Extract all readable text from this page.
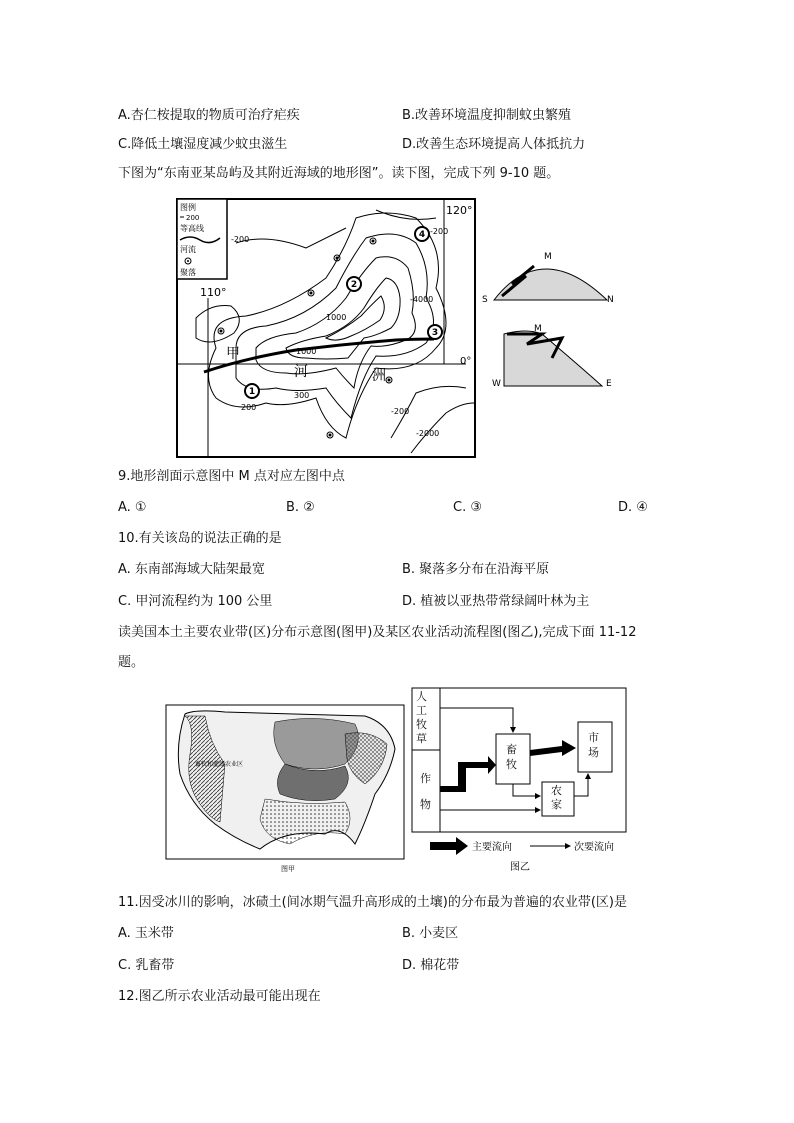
A.杏仁桉提取的物质可治疗疟疾	B.改善环境温度抑制蚊虫繁殖
C.降低土壤湿度减少蚊虫滋生	D.改善生态环境提高人体抵抗力
下图为“东南亚某岛屿及其附近海域的地形图”。读下图，完成下列 9-10 题。
图例
200
等高线
河流
聚落
120°
110°
0°
-200
-200
-4000
1000
1000
300
200	-200
-2000
甲
河	洲
1
2
3
4
M
S	N
M
W	E
9.地形剖面示意图中 M 点对应左图中点
A. ①	B. ②	C. ③	D. ④
10.有关该岛的说法正确的是
A. 东南部海域大陆架最宽	B. 聚落多分布在沿海平原
C. 甲河流程约为 100 公里	D. 植被以亚热带常绿阔叶林为主
读美国本土主要农业带(区)分布示意图(图甲)及某区农业活动流程图(图乙),完成下面 11-12
题。
畜牧和灌溉农业区
图甲
人工牧草
作物
畜牧
市场
农家
主要流向	次要流向
图乙
11.因受冰川的影响，冰碛土(间冰期气温升高形成的土壤)的分布最为普遍的农业带(区)是
A. 玉米带	B. 小麦区
C. 乳畜带	D. 棉花带
12.图乙所示农业活动最可能出现在
